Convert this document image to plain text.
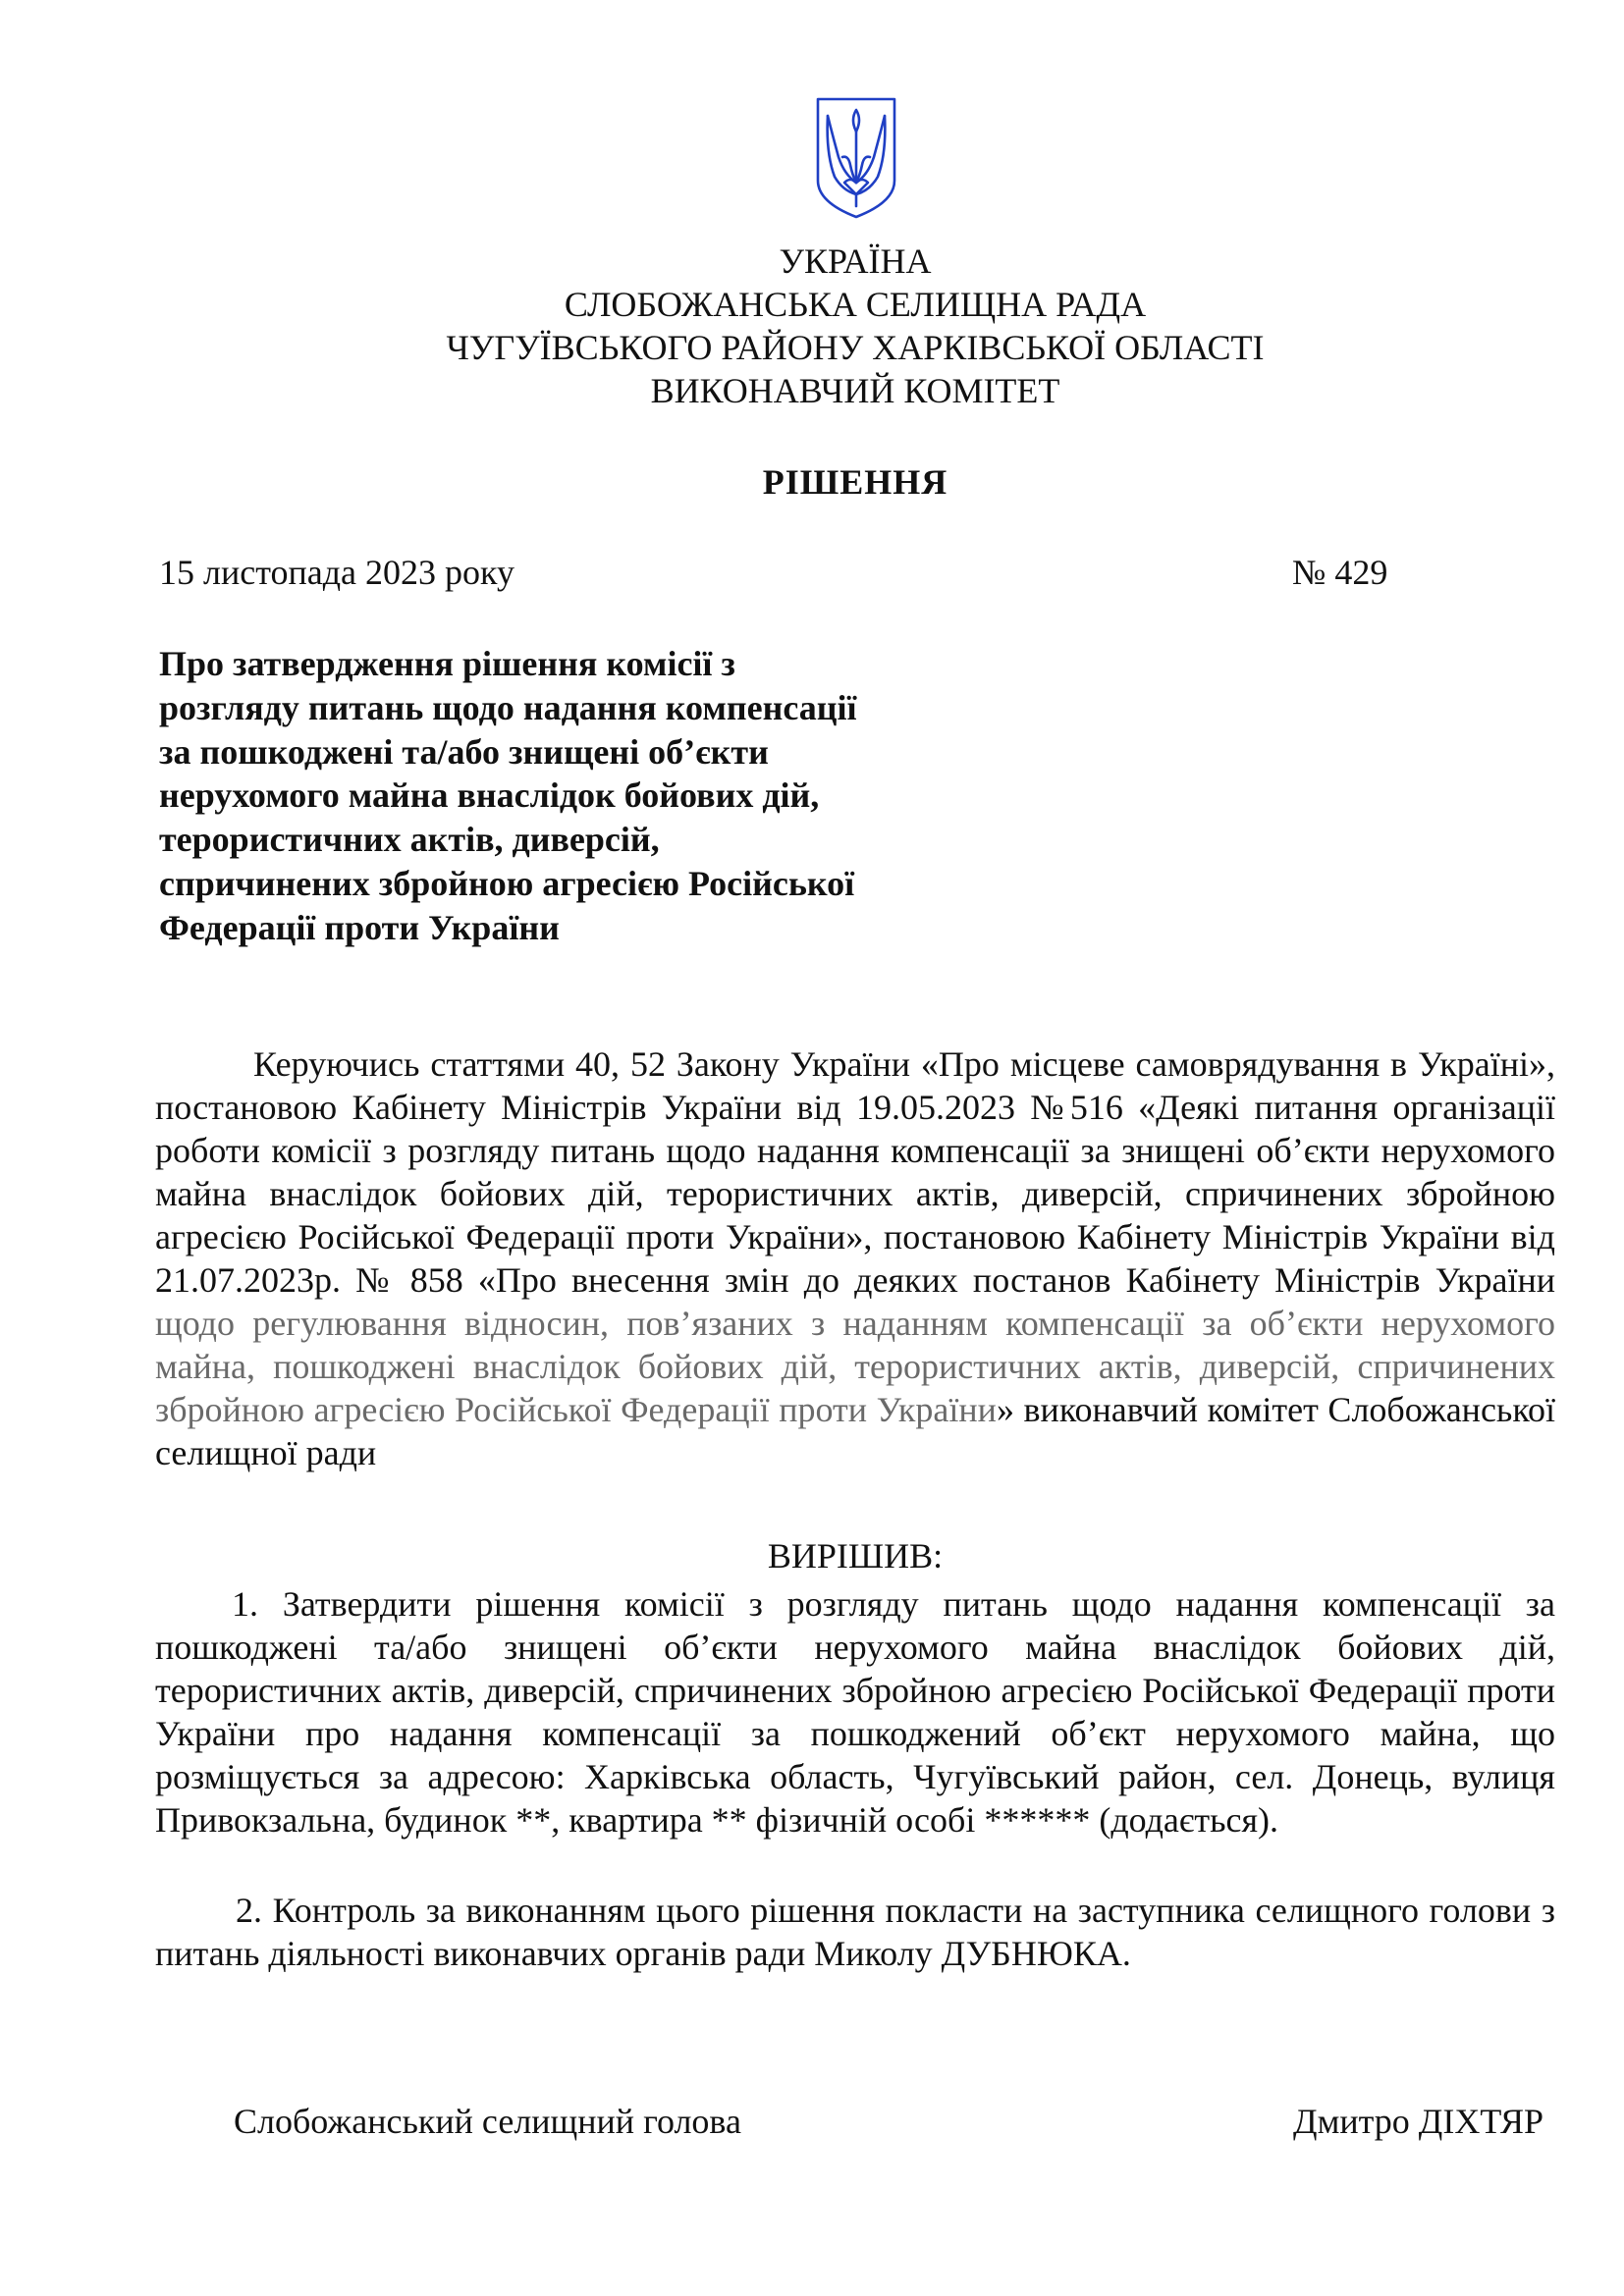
УКРАЇНА
СЛОБОЖАНСЬКА СЕЛИЩНА РАДА
ЧУГУЇВСЬКОГО РАЙОНУ ХАРКІВСЬКОЇ ОБЛАСТІ
ВИКОНАВЧИЙ КОМІТЕТ
РІШЕННЯ
15 листопада 2023 року	№ 429
Про затвердження рішення комісії з розгляду питань щодо надання компенсації за пошкоджені та/або знищені об’єкти нерухомого майна внаслідок бойових дій, терористичних актів, диверсій, спричинених збройною агресією Російської Федерації проти України
Керуючись статтями 40, 52 Закону України «Про місцеве самоврядування в Україні», постановою Кабінету Міністрів України від 19.05.2023 №516 «Деякі питання організації роботи комісії з розгляду питань щодо надання компенсації за знищені об’єкти нерухомого майна внаслідок бойових дій, терористичних актів, диверсій, спричинених збройною агресією Російської Федерації проти України», постановою Кабінету Міністрів України від 21.07.2023р. № 858 «Про внесення змін до деяких постанов Кабінету Міністрів України щодо регулювання відносин, пов’язаних з наданням компенсації за об’єкти нерухомого майна, пошкоджені внаслідок бойових дій, терористичних актів, диверсій, спричинених збройною агресією Російської Федерації проти України» виконавчий комітет Слобожанської селищної ради
ВИРІШИВ:
1. Затвердити рішення комісії з розгляду питань щодо надання компенсації за пошкоджені та/або знищені об’єкти нерухомого майна внаслідок бойових дій, терористичних актів, диверсій, спричинених збройною агресією Російської Федерації проти України про надання компенсації за пошкоджений об’єкт нерухомого майна, що розміщується за адресою: Харківська область, Чугуївський район, сел. Донець, вулиця Привокзальна, будинок **, квартира ** фізичній особі ****** (додається).
2. Контроль за виконанням цього рішення покласти на заступника селищного голови з питань діяльності виконавчих органів ради Миколу ДУБНЮКА.
Слобожанський селищний голова	Дмитро ДІХТЯР
